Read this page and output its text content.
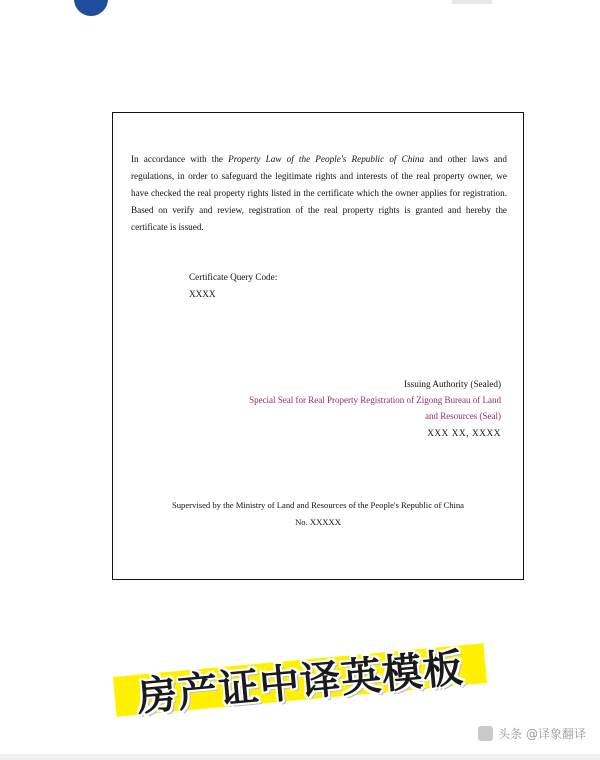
In accordance with the Property Law of the People's Republic of China and other laws and regulations, in order to safeguard the legitimate rights and interests of the real property owner, we have checked the real property rights listed in the certificate which the owner applies for registration. Based on verify and review, registration of the real property rights is granted and hereby the certificate is issued.
Certificate Query Code:
XXXX
Issuing Authority (Sealed)
Special Seal for Real Property Registration of Zigong Bureau of Land
and Resources (Seal)
XXX XX, XXXX
Supervised by the Ministry of Land and Resources of the People's Republic of China
No. XXXXX
房产证中译英模板
头条 @译象翻译
